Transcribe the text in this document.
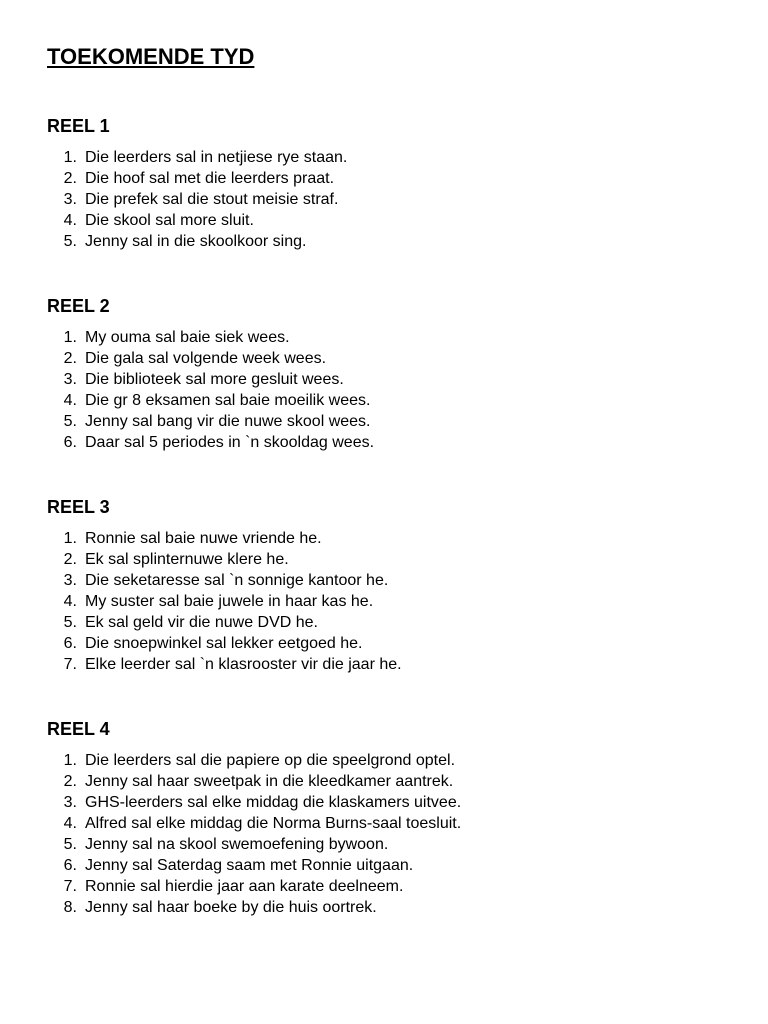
TOEKOMENDE TYD
REEL 1
1. Die leerders sal in netjiese rye staan.
2. Die hoof sal met die leerders praat.
3. Die prefek sal die stout meisie straf.
4. Die skool sal more sluit.
5. Jenny sal in die skoolkoor sing.
REEL 2
1. My ouma sal baie siek wees.
2. Die gala sal volgende week wees.
3. Die biblioteek sal more gesluit wees.
4. Die gr 8 eksamen sal baie moeilik wees.
5. Jenny sal bang vir die nuwe skool wees.
6. Daar sal 5 periodes in `n skooldag wees.
REEL 3
1. Ronnie sal baie nuwe vriende he.
2. Ek sal splinternuwe klere he.
3. Die seketaresse sal `n sonnige kantoor he.
4. My suster sal baie juwele in haar kas he.
5. Ek sal geld vir die nuwe DVD he.
6. Die snoepwinkel sal lekker eetgoed he.
7. Elke leerder sal `n klasrooster vir die jaar he.
REEL 4
1. Die leerders sal die papiere op die speelgrond optel.
2. Jenny sal haar sweetpak in die kleedkamer aantrek.
3. GHS-leerders sal elke middag die klaskamers uitvee.
4. Alfred sal elke middag die Norma Burns-saal toesluit.
5. Jenny sal na skool swemoefening bywoon.
6. Jenny sal Saterdag saam met Ronnie uitgaan.
7. Ronnie sal hierdie jaar aan karate deelneem.
8. Jenny sal haar boeke by die huis oortrek.
